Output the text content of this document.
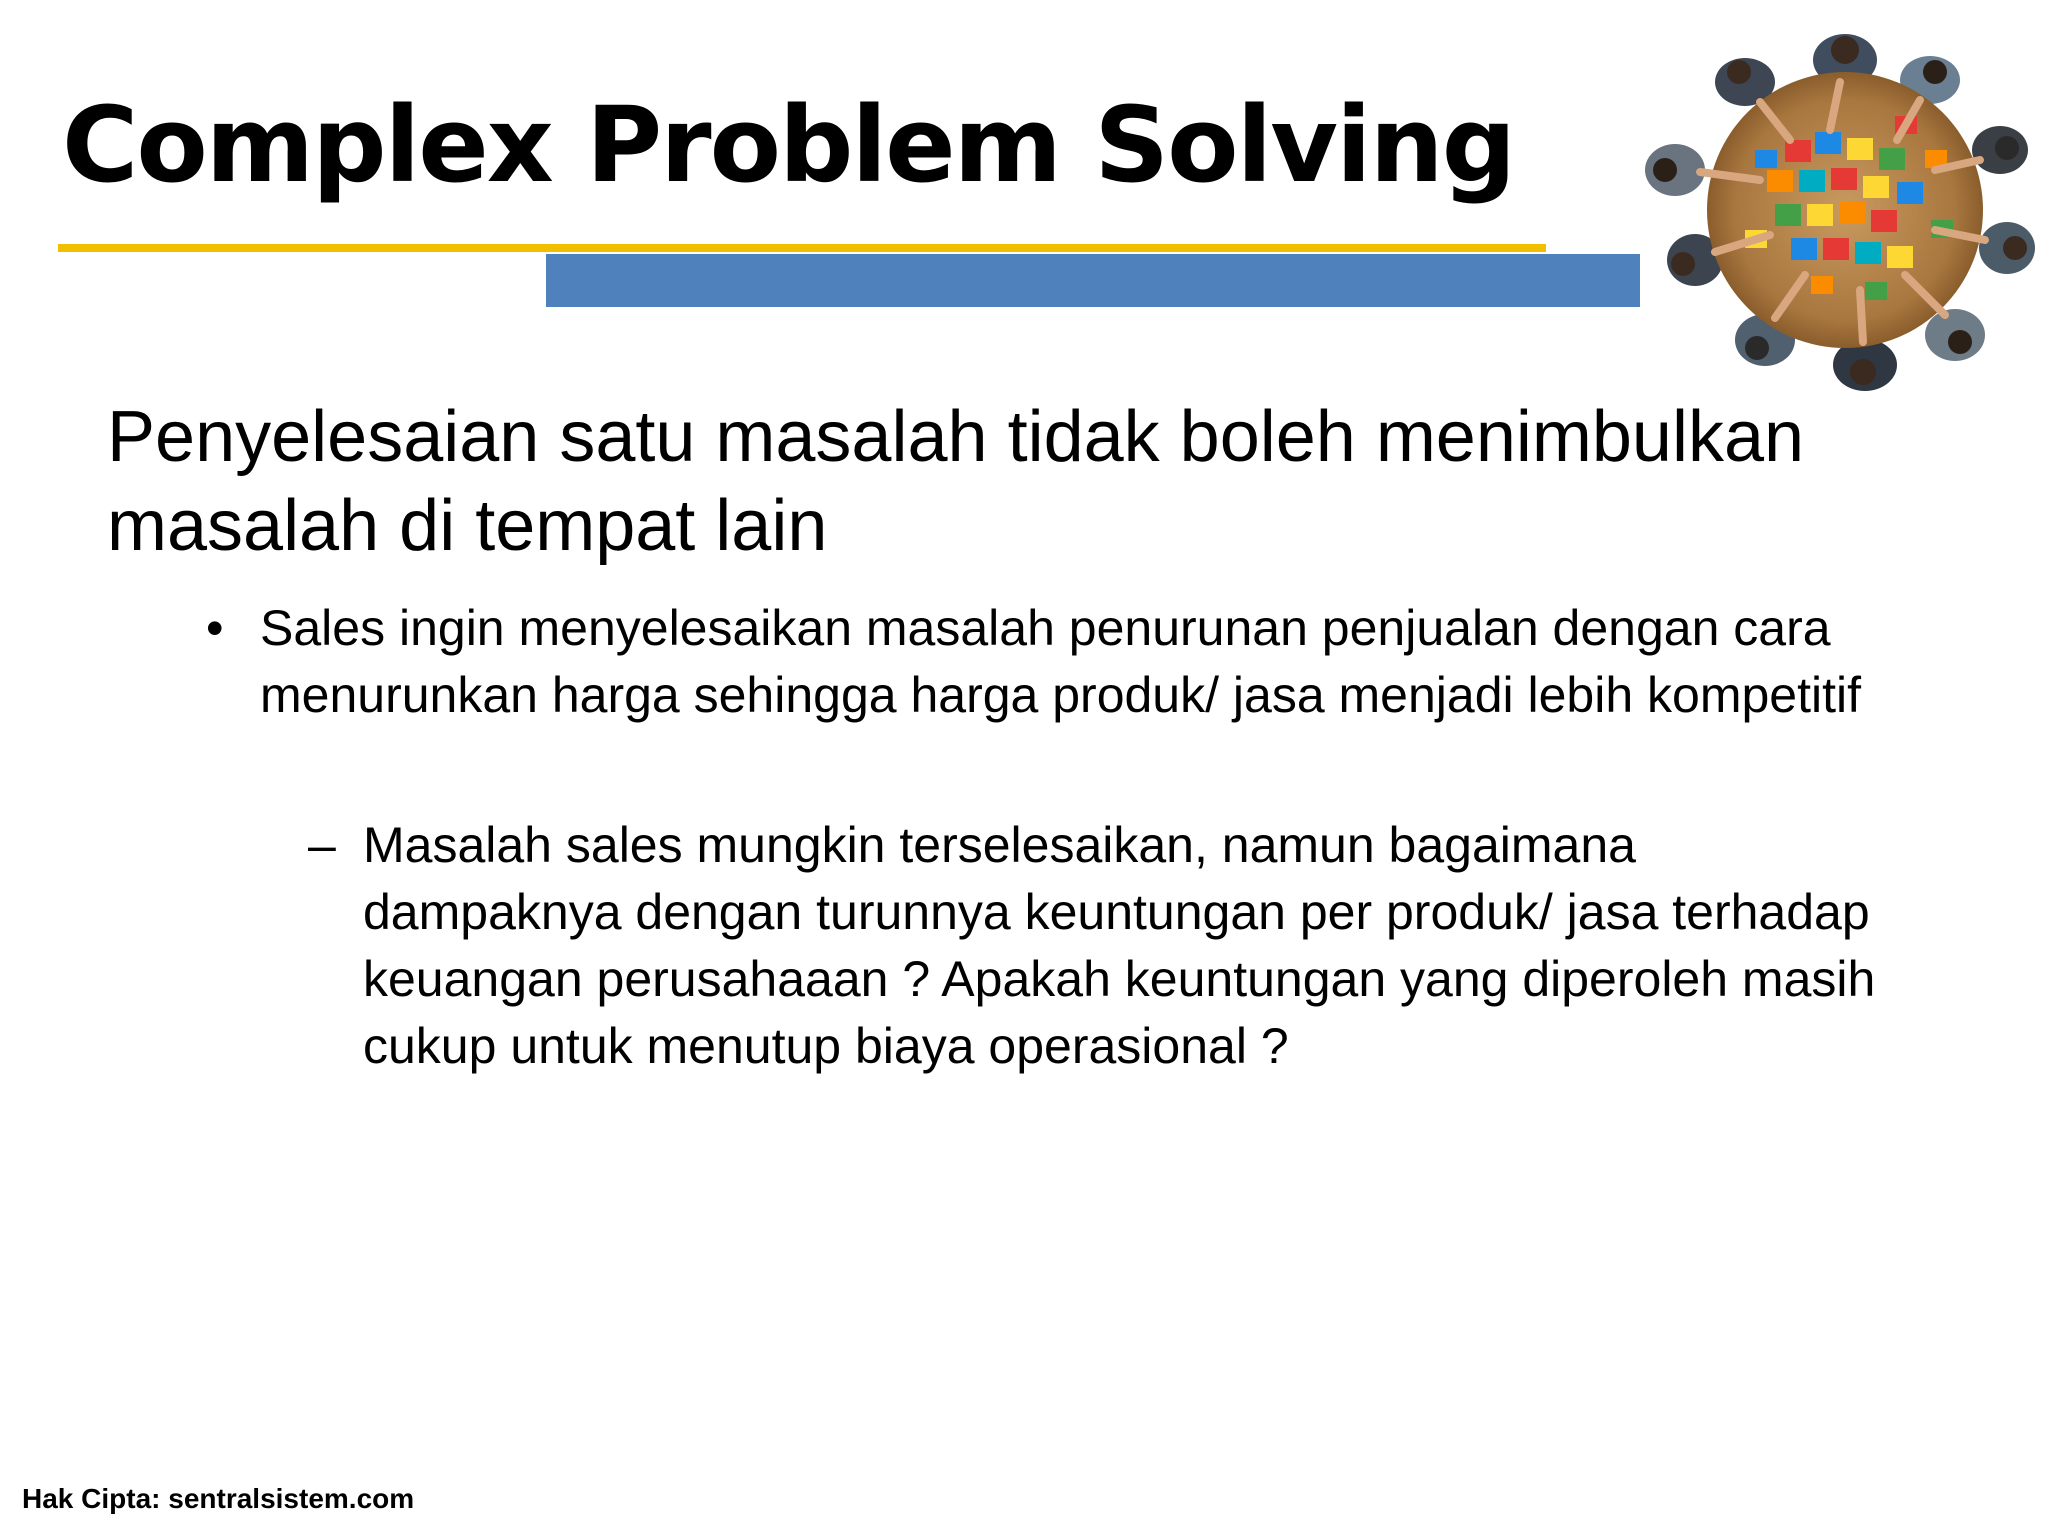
Complex Problem Solving

Penyelesaian satu masalah tidak boleh menimbulkan masalah di tempat lain

• Sales ingin menyelesaikan masalah penurunan penjualan dengan cara menurunkan harga sehingga harga produk/ jasa menjadi lebih kompetitif

– Masalah sales mungkin terselesaikan, namun bagaimana dampaknya dengan turunnya keuntungan per produk/ jasa terhadap keuangan perusahaaan ? Apakah keuntungan yang diperoleh masih cukup untuk menutup biaya operasional ?

Hak Cipta: sentralsistem.com
